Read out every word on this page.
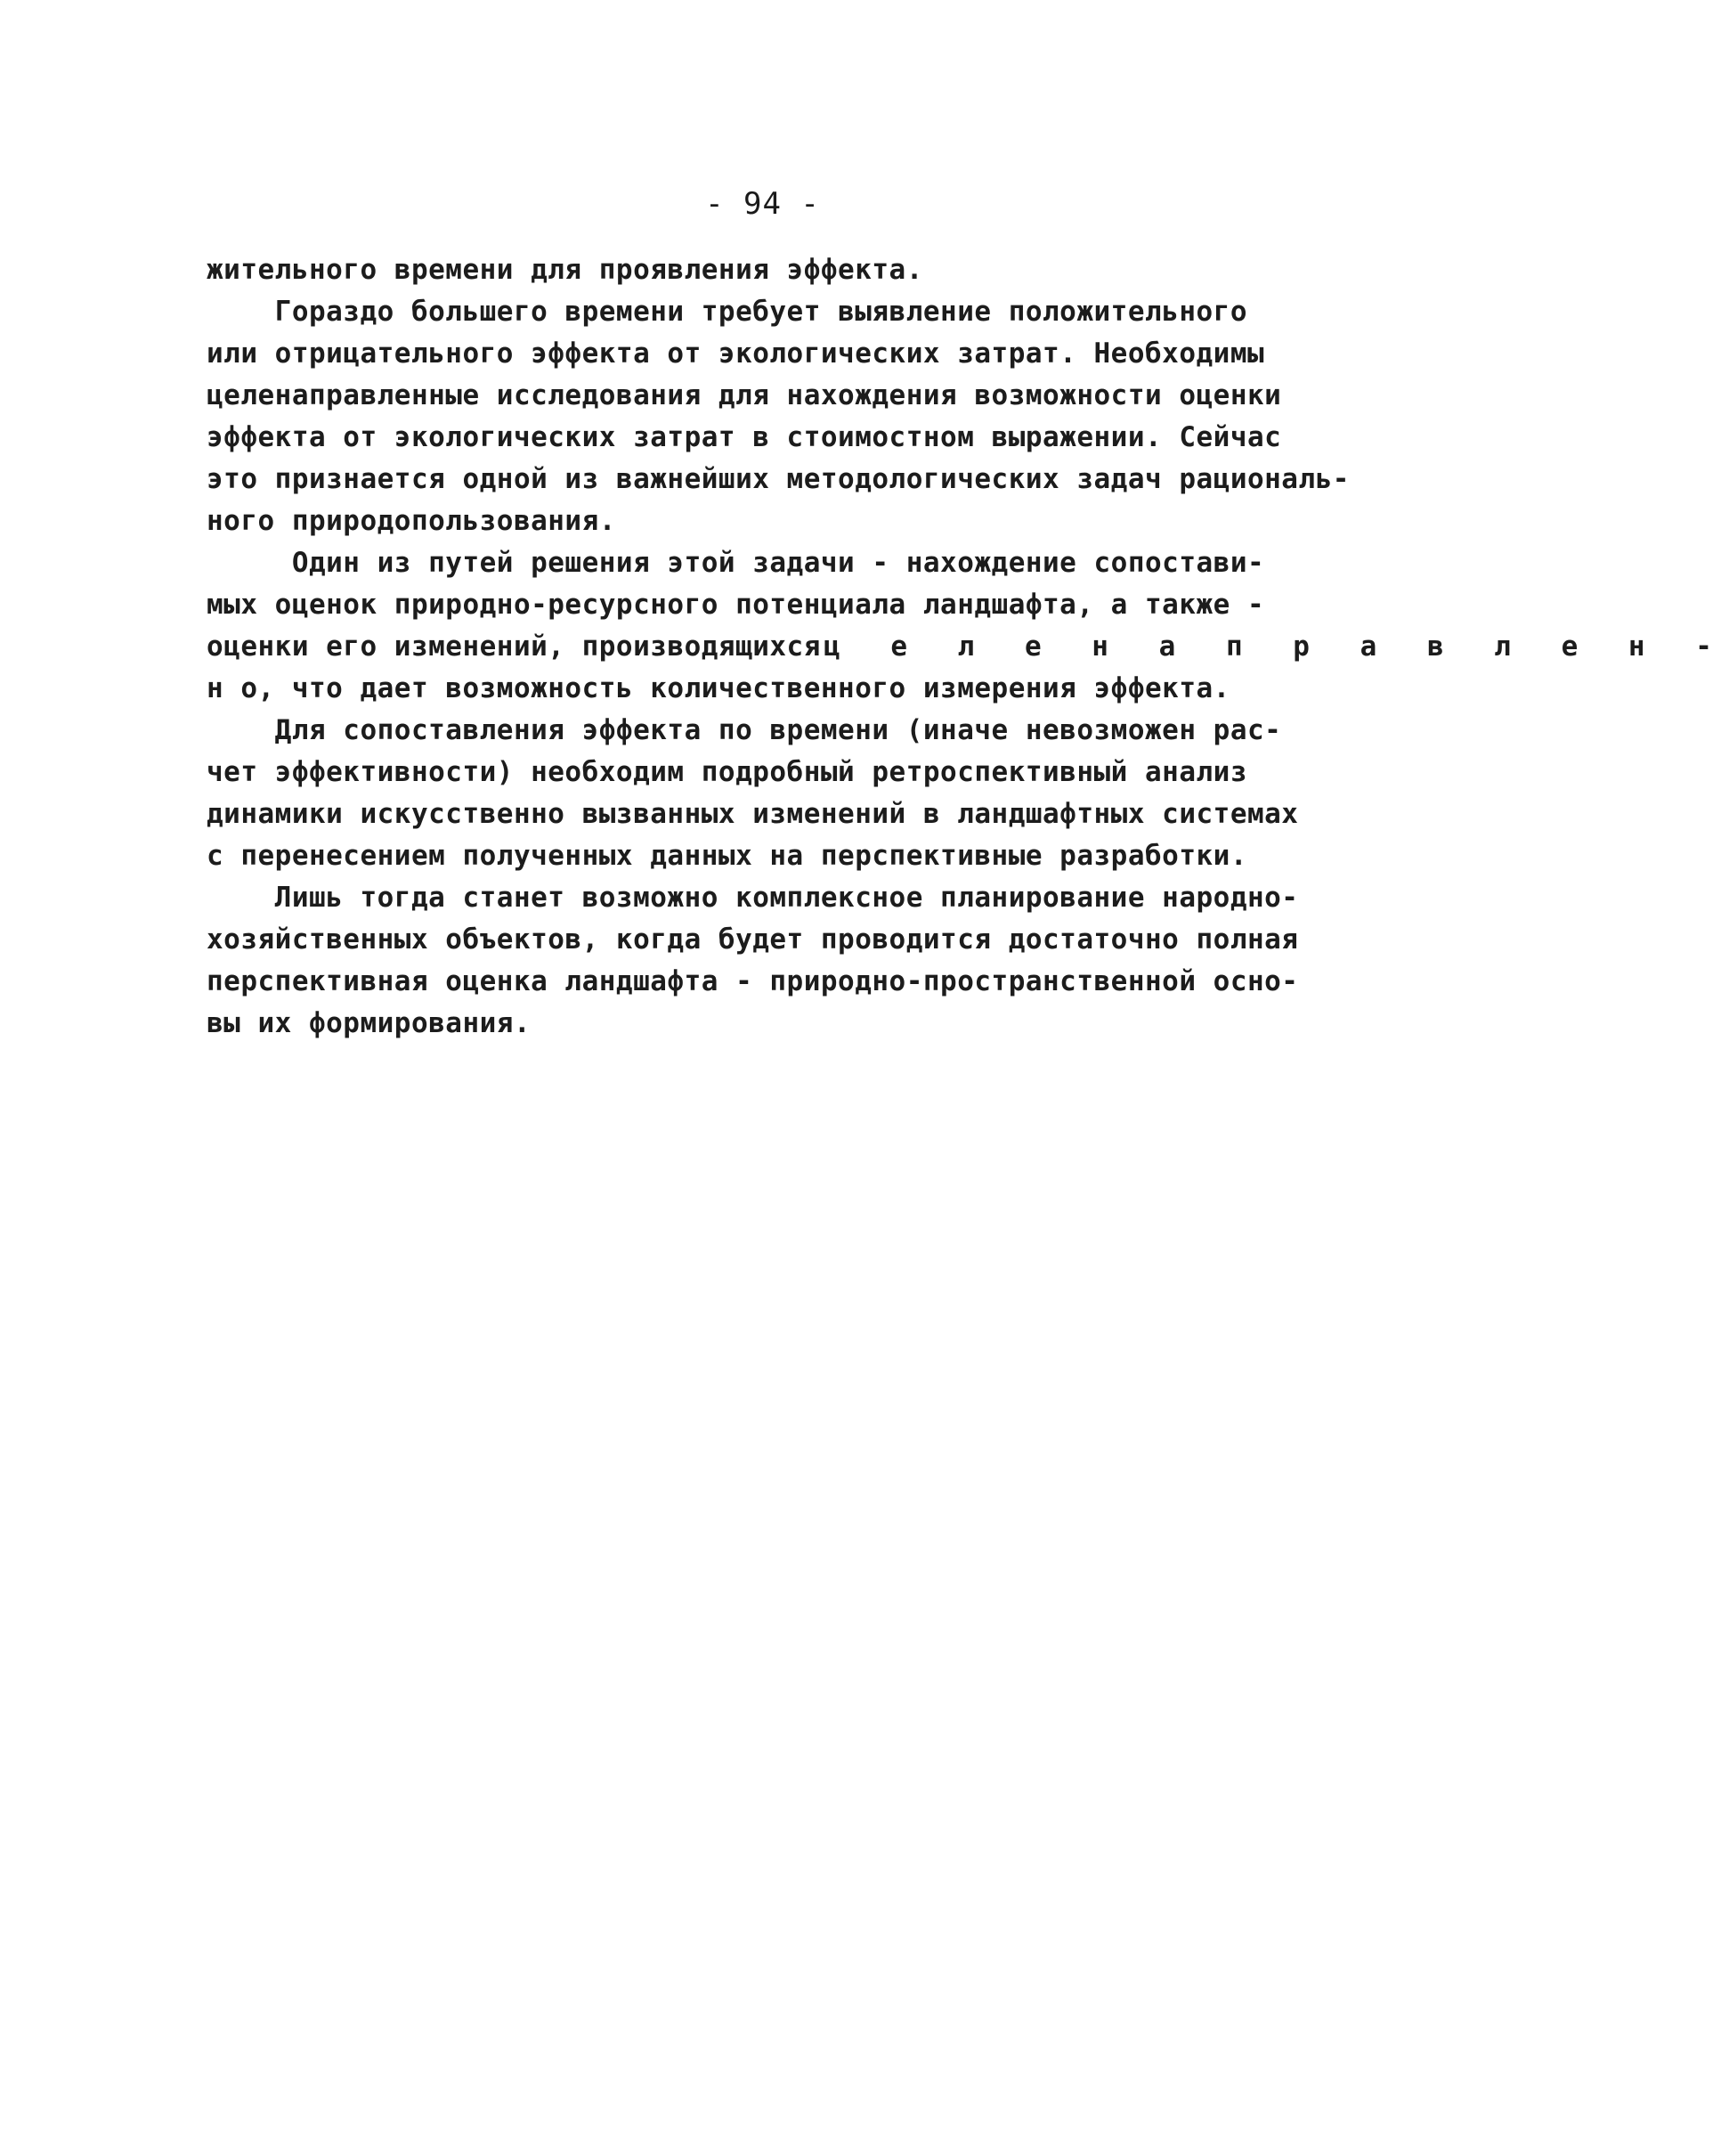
- 94 -

жительного времени для проявления эффекта.

Гораздо большего времени требует выявление положительного

или отрицательного эффекта от экологических затрат. Необходимы

целенаправленные исследования для нахождения возможности оценки

эффекта от экологических затрат в стоимостном выражении. Сейчас

это признается одной из важнейших методологических задач рациональ-

ного природопользования.

Один из путей решения этой задачи - нахождение сопостави-

мых оценок природно-ресурсного потенциала ландшафта, а также -

оценки его изменений, производящихся ц е л е н а п р а в л е н -

н о, что дает возможность количественного измерения эффекта.

Для сопоставления эффекта по времени (иначе невозможен рас-

чет эффективности) необходим подробный ретроспективный анализ

динамики искусственно вызванных изменений в ландшафтных системах

с перенесением полученных данных на перспективные разработки.

Лишь тогда станет возможно комплексное планирование народно-

хозяйственных объектов, когда будет проводится достаточно полная

перспективная оценка ландшафта - природно-пространственной осно-

вы их формирования.
